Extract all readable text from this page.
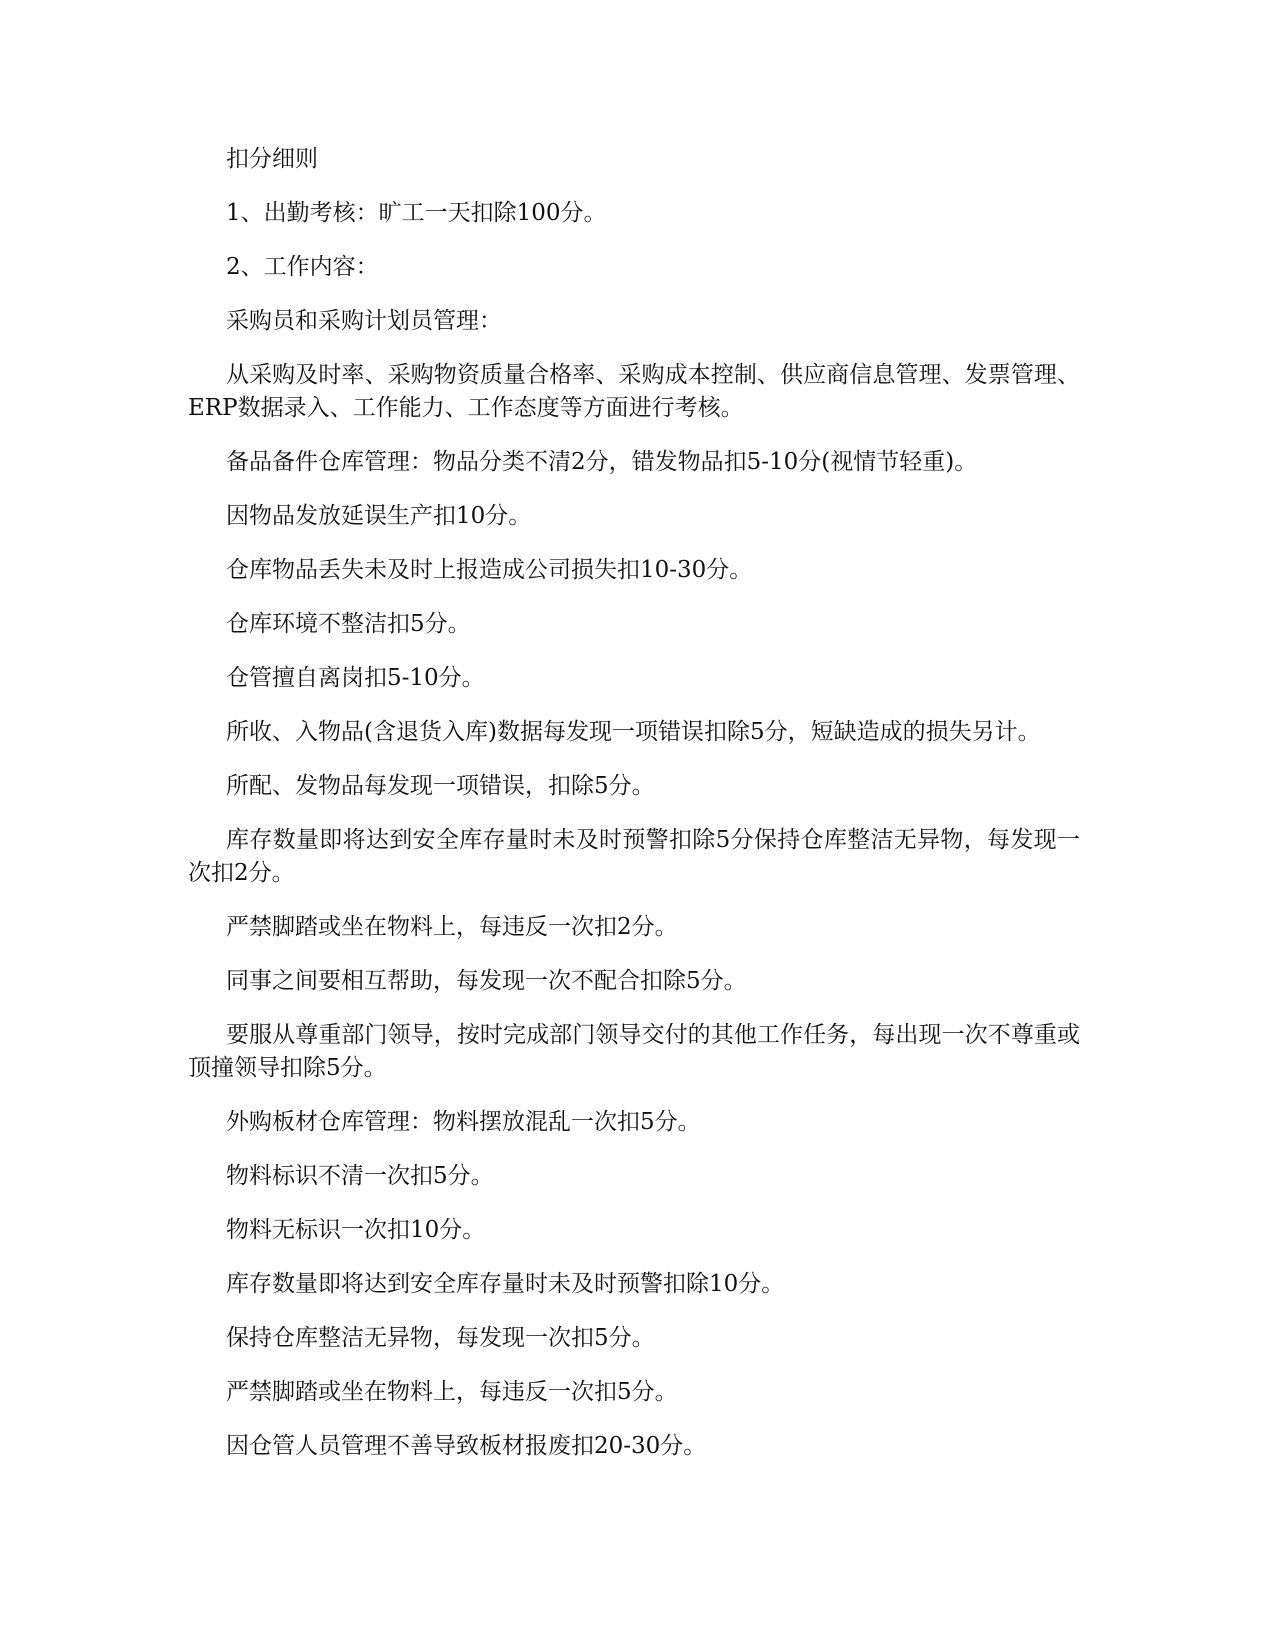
扣分细则

1、出勤考核：旷工一天扣除100分。

2、工作内容：

采购员和采购计划员管理：

从采购及时率、采购物资质量合格率、采购成本控制、供应商信息管理、发票管理、ERP数据录入、工作能力、工作态度等方面进行考核。

备品备件仓库管理：物品分类不清2分，错发物品扣5-10分(视情节轻重)。

因物品发放延误生产扣10分。

仓库物品丢失未及时上报造成公司损失扣10-30分。

仓库环境不整洁扣5分。

仓管擅自离岗扣5-10分。

所收、入物品(含退货入库)数据每发现一项错误扣除5分，短缺造成的损失另计。

所配、发物品每发现一项错误，扣除5分。

库存数量即将达到安全库存量时未及时预警扣除5分保持仓库整洁无异物，每发现一次扣2分。

严禁脚踏或坐在物料上，每违反一次扣2分。

同事之间要相互帮助，每发现一次不配合扣除5分。

要服从尊重部门领导，按时完成部门领导交付的其他工作任务，每出现一次不尊重或顶撞领导扣除5分。

外购板材仓库管理：物料摆放混乱一次扣5分。

物料标识不清一次扣5分。

物料无标识一次扣10分。

库存数量即将达到安全库存量时未及时预警扣除10分。

保持仓库整洁无异物，每发现一次扣5分。

严禁脚踏或坐在物料上，每违反一次扣5分。

因仓管人员管理不善导致板材报废扣20-30分。
